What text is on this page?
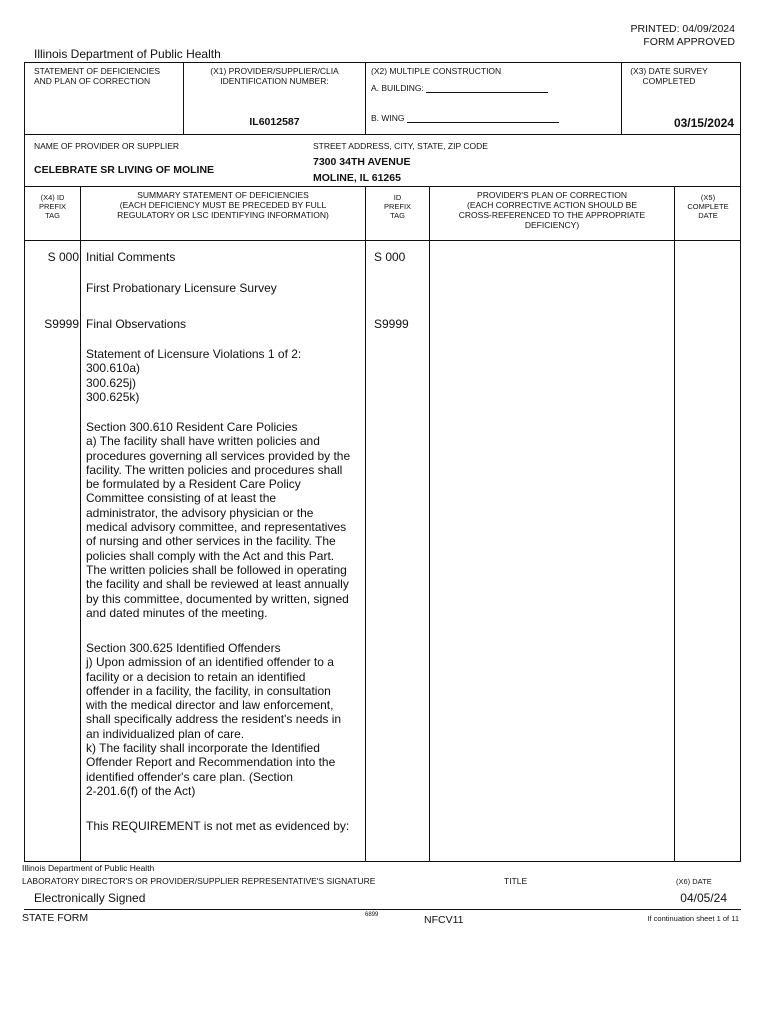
PRINTED: 04/09/2024
FORM APPROVED
Illinois Department of Public Health
STATEMENT OF DEFICIENCIES
AND PLAN OF CORRECTION
(X1) PROVIDER/SUPPLIER/CLIA
IDENTIFICATION NUMBER:
IL6012587
(X2) MULTIPLE CONSTRUCTION
A. BUILDING:
B. WING
(X3) DATE SURVEY
COMPLETED
03/15/2024
NAME OF PROVIDER OR SUPPLIER
CELEBRATE SR LIVING OF MOLINE
STREET ADDRESS, CITY, STATE, ZIP CODE
7300 34TH AVENUE
MOLINE, IL 61265
(X4) ID
PREFIX
TAG
SUMMARY STATEMENT OF DEFICIENCIES
(EACH DEFICIENCY MUST BE PRECEDED BY FULL
REGULATORY OR LSC IDENTIFYING INFORMATION)
ID
PREFIX
TAG
PROVIDER'S PLAN OF CORRECTION
(EACH CORRECTIVE ACTION SHOULD BE
CROSS-REFERENCED TO THE APPROPRIATE
DEFICIENCY)
(X5)
COMPLETE
DATE
S 000 Initial Comments	S 000
First Probationary Licensure Survey
S9999 Final Observations	S9999
Statement of Licensure Violations 1 of 2:
300.610a)
300.625j)
300.625k)
Section 300.610 Resident Care Policies
a) The facility shall have written policies and
procedures governing all services provided by the
facility. The written policies and procedures shall
be formulated by a Resident Care Policy
Committee consisting of at least the
administrator, the advisory physician or the
medical advisory committee, and representatives
of nursing and other services in the facility. The
policies shall comply with the Act and this Part.
The written policies shall be followed in operating
the facility and shall be reviewed at least annually
by this committee, documented by written, signed
and dated minutes of the meeting.
Section 300.625 Identified Offenders
j) Upon admission of an identified offender to a
facility or a decision to retain an identified
offender in a facility, the facility, in consultation
with the medical director and law enforcement,
shall specifically address the resident's needs in
an individualized plan of care.
k) The facility shall incorporate the Identified
Offender Report and Recommendation into the
identified offender's care plan. (Section
2-201.6(f) of the Act)
This REQUIREMENT is not met as evidenced by:
Illinois Department of Public Health
LABORATORY DIRECTOR'S OR PROVIDER/SUPPLIER REPRESENTATIVE'S SIGNATURE	TITLE	(X6) DATE
Electronically Signed	04/05/24
STATE FORM	6899	NFCV11	If continuation sheet 1 of 11
